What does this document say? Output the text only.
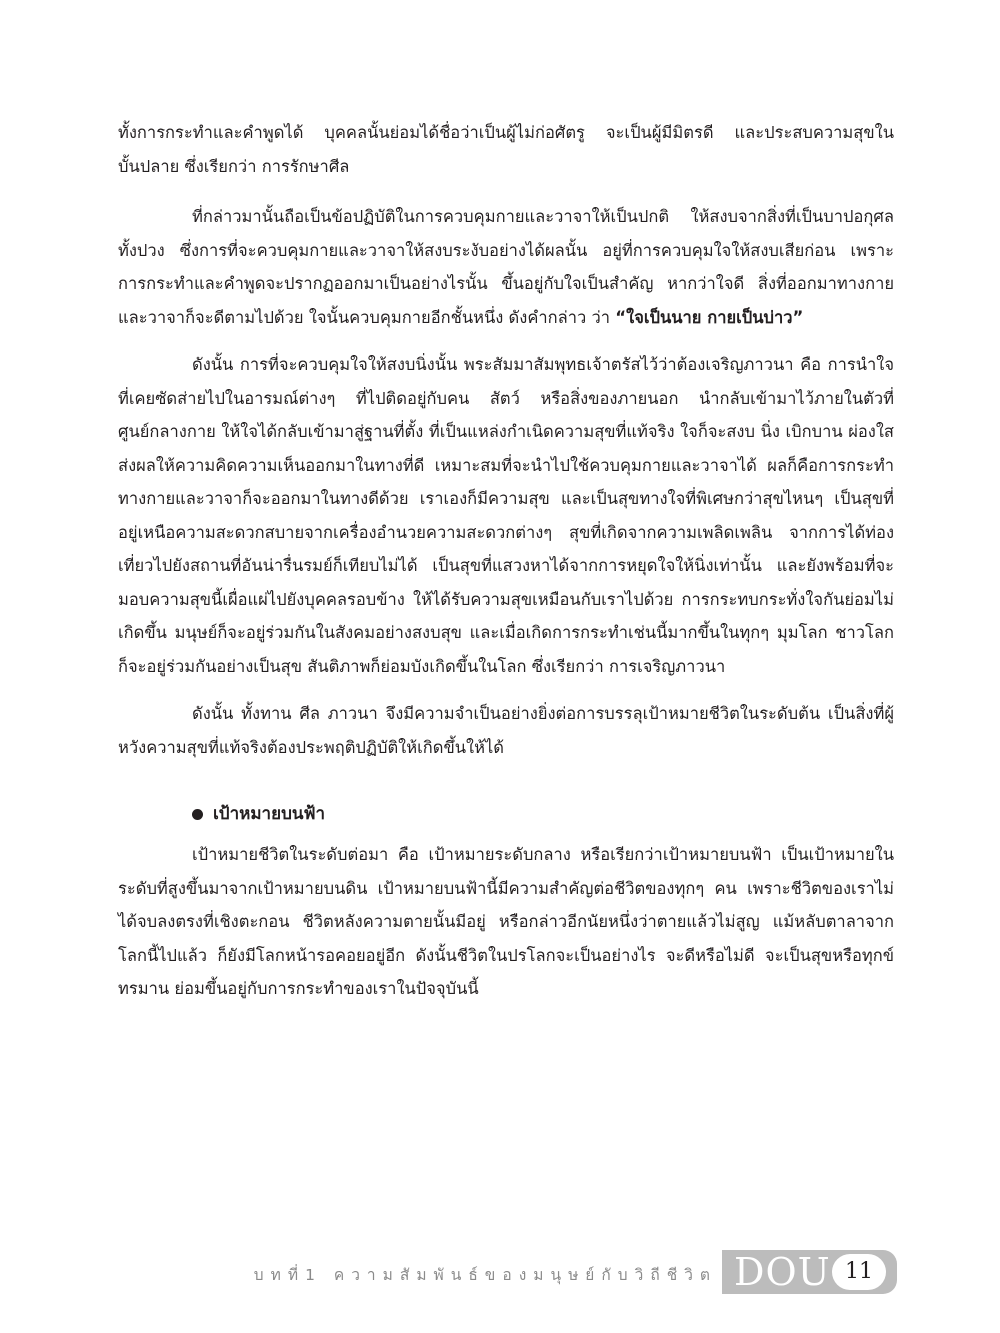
ทั้งการกระทำและคำพูดได้ บุคคลนั้นย่อมได้ชื่อว่าเป็นผู้ไม่ก่อศัตรู จะเป็นผู้มีมิตรดี และประสบความสุขในบั้นปลาย ซึ่งเรียกว่า การรักษาศีล

ที่กล่าวมานั้นถือเป็นข้อปฏิบัติในการควบคุมกายและวาจาให้เป็นปกติ ให้สงบจากสิ่งที่เป็นบาปอกุศลทั้งปวง ซึ่งการที่จะควบคุมกายและวาจาให้สงบระงับอย่างได้ผลนั้น อยู่ที่การควบคุมใจให้สงบเสียก่อน เพราะการกระทำและคำพูดจะปรากฏออกมาเป็นอย่างไรนั้น ขึ้นอยู่กับใจเป็นสำคัญ หากว่าใจดี สิ่งที่ออกมาทางกายและวาจาก็จะดีตามไปด้วย ใจนั้นควบคุมกายอีกชั้นหนึ่ง ดังคำกล่าว ว่า “ใจเป็นนาย กายเป็นบ่าว”

ดังนั้น การที่จะควบคุมใจให้สงบนิ่งนั้น พระสัมมาสัมพุทธเจ้าตรัสไว้ว่าต้องเจริญภาวนา คือ การนำใจที่เคยซัดส่ายไปในอารมณ์ต่างๆ ที่ไปติดอยู่กับคน สัตว์ หรือสิ่งของภายนอก นำกลับเข้ามาไว้ภายในตัวที่ศูนย์กลางกาย ให้ใจได้กลับเข้ามาสู่ฐานที่ตั้ง ที่เป็นแหล่งกำเนิดความสุขที่แท้จริง ใจก็จะสงบ นิ่ง เบิกบาน ผ่องใส ส่งผลให้ความคิดความเห็นออกมาในทางที่ดี เหมาะสมที่จะนำไปใช้ควบคุมกายและวาจาได้ ผลก็คือการกระทำทางกายและวาจาก็จะออกมาในทางดีด้วย เราเองก็มีความสุข และเป็นสุขทางใจที่พิเศษกว่าสุขไหนๆ เป็นสุขที่อยู่เหนือความสะดวกสบายจากเครื่องอำนวยความสะดวกต่างๆ สุขที่เกิดจากความเพลิดเพลิน จากการได้ท่องเที่ยวไปยังสถานที่อันน่ารื่นรมย์ก็เทียบไม่ได้ เป็นสุขที่แสวงหาได้จากการหยุดใจให้นิ่งเท่านั้น และยังพร้อมที่จะมอบความสุขนี้เผื่อแผ่ไปยังบุคคลรอบข้าง ให้ได้รับความสุขเหมือนกับเราไปด้วย การกระทบกระทั่งใจกันย่อมไม่เกิดขึ้น มนุษย์ก็จะอยู่ร่วมกันในสังคมอย่างสงบสุข และเมื่อเกิดการกระทำเช่นนี้มากขึ้นในทุกๆ มุมโลก ชาวโลกก็จะอยู่ร่วมกันอย่างเป็นสุข สันติภาพก็ย่อมบังเกิดขึ้นในโลก ซึ่งเรียกว่า การเจริญภาวนา

ดังนั้น ทั้งทาน ศีล ภาวนา จึงมีความจำเป็นอย่างยิ่งต่อการบรรลุเป้าหมายชีวิตในระดับต้น เป็นสิ่งที่ผู้หวังความสุขที่แท้จริงต้องประพฤติปฏิบัติให้เกิดขึ้นให้ได้

เป้าหมายบนฟ้า

เป้าหมายชีวิตในระดับต่อมา คือ เป้าหมายระดับกลาง หรือเรียกว่าเป้าหมายบนฟ้า เป็นเป้าหมายในระดับที่สูงขึ้นมาจากเป้าหมายบนดิน เป้าหมายบนฟ้านี้มีความสำคัญต่อชีวิตของทุกๆ คน เพราะชีวิตของเราไม่ได้จบลงตรงที่เชิงตะกอน ชีวิตหลังความตายนั้นมีอยู่ หรือกล่าวอีกนัยหนึ่งว่าตายแล้วไม่สูญ แม้หลับตาลาจากโลกนี้ไปแล้ว ก็ยังมีโลกหน้ารอคอยอยู่อีก ดังนั้นชีวิตในปรโลกจะเป็นอย่างไร จะดีหรือไม่ดี จะเป็นสุขหรือทุกข์ทรมาน ย่อมขึ้นอยู่กับการกระทำของเราในปัจจุบันนี้

บทที่1 ความสัมพันธ์ของมนุษย์กับวิถีชีวิต DOU 11
